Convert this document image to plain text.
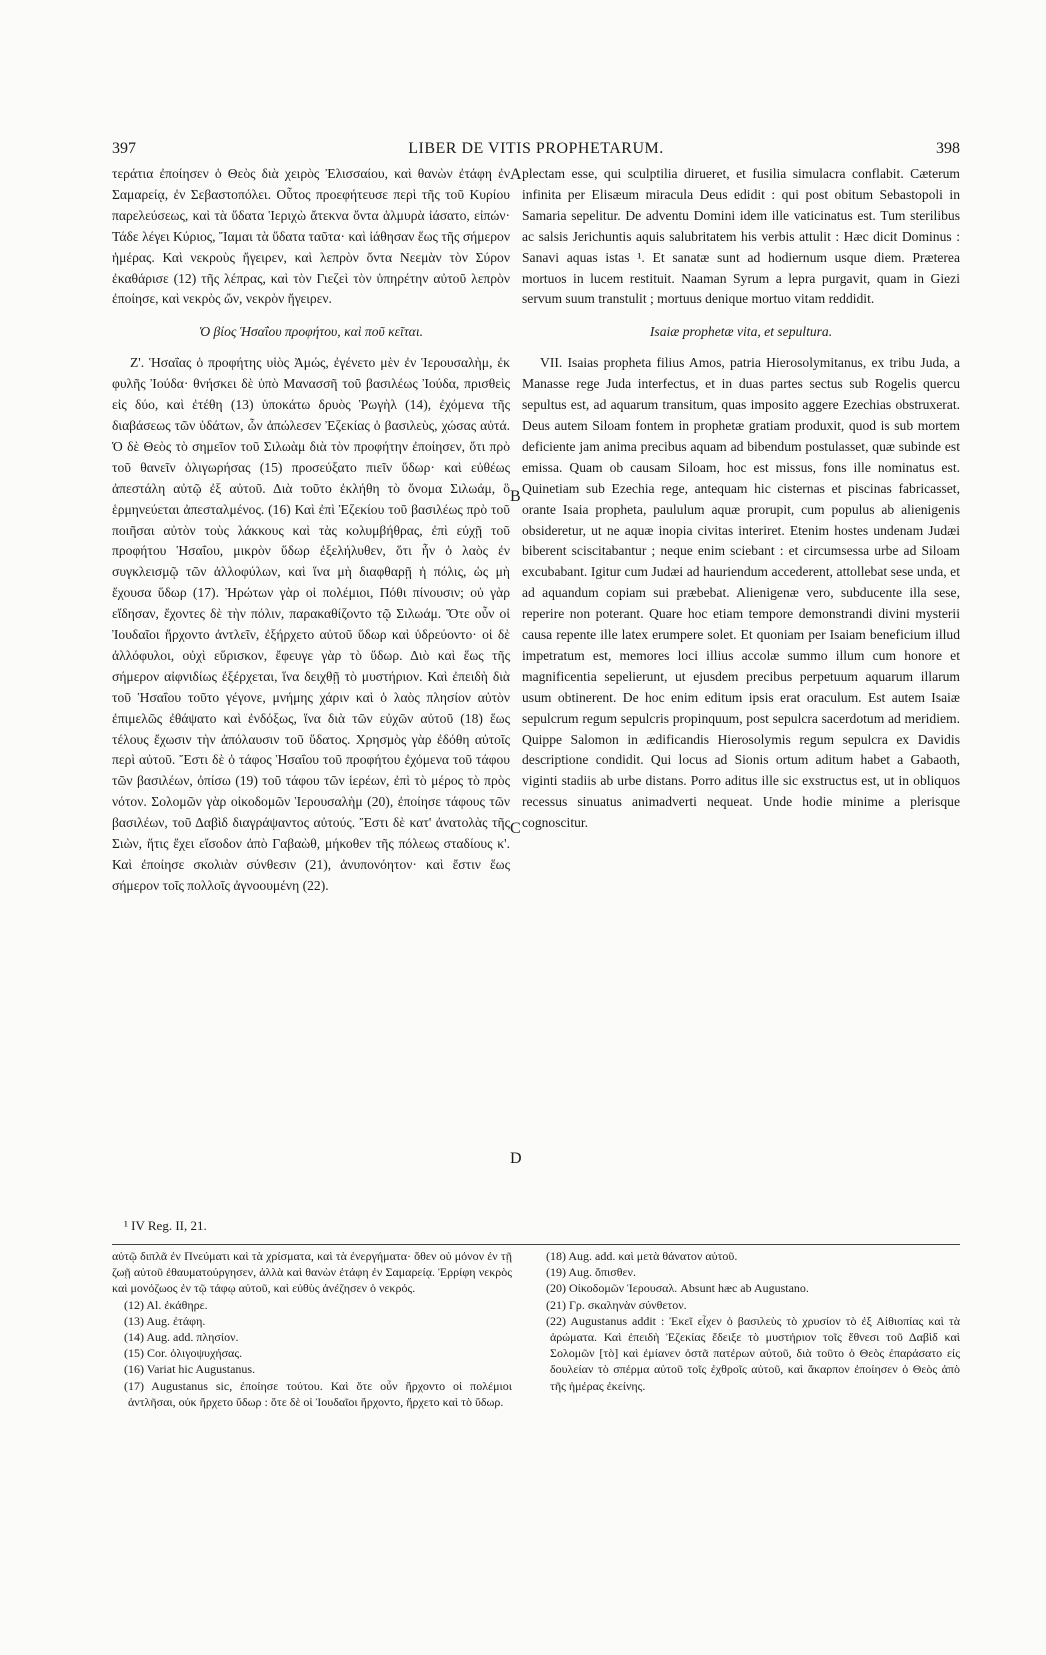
397	LIBER DE VITIS PROPHETARUM.	398

τεράτια ἐποίησεν ὁ Θεὸς διὰ χειρὸς Ἐλισσαίου, καὶ θανὼν ἐτάφη ἐν Σαμαρείᾳ, ἐν Σεβαστοπόλει. Οὗτος προεφήτευσε περὶ τῆς τοῦ Κυρίου παρελεύσεως, καὶ τὰ ὕδατα Ἱεριχὼ ἄτεκνα ὄντα ἁλμυρὰ ἰάσατο, εἰπών· Τάδε λέγει Κύριος, Ἴαμαι τὰ ὕδατα ταῦτα· καὶ ἰάθησαν ἕως τῆς σήμερον ἡμέρας. Καὶ νεκροὺς ἤγειρεν, καὶ λεπρὸν ὄντα Νεεμὰν τὸν Σύρον ἐκαθάρισε (12) τῆς λέπρας, καὶ τὸν Γιεζεὶ τὸν ὑπηρέτην αὐτοῦ λεπρὸν ἐποίησε, καὶ νεκρὸς ὤν, νεκρὸν ἤγειρεν.

Ὁ βίος Ἡσαΐου προφήτου, καὶ ποῦ κεῖται.

Ζ'. Ἡσαΐας ὁ προφήτης υἱὸς Ἀμώς, ἐγένετο μὲν ἐν Ἱερουσαλὴμ, ἐκ φυλῆς Ἰούδα· θνήσκει δὲ ὑπὸ Μανασσῆ τοῦ βασιλέως Ἰούδα, πρισθεὶς εἰς δύο, καὶ ἐτέθη (13) ὑποκάτω δρυὸς Ῥωγὴλ (14), ἐχόμενα τῆς διαβάσεως τῶν ὑδάτων, ὧν ἀπώλεσεν Ἐζεκίας ὁ βασιλεὺς, χώσας αὐτά. Ὁ δὲ Θεὸς τὸ σημεῖον τοῦ Σιλωὰμ διὰ τὸν προφήτην ἐποίησεν, ὅτι πρὸ τοῦ θανεῖν ὀλιγωρήσας (15) προσεύξατο πιεῖν ὕδωρ· καὶ εὐθέως ἀπεστάλη αὐτῷ ἐξ αὐτοῦ. Διὰ τοῦτο ἐκλήθη τὸ ὄνομα Σιλωάμ, ὃ ἑρμηνεύεται ἀπεσταλμένος. (16) Καὶ ἐπὶ Ἐζεκίου τοῦ βασιλέως πρὸ τοῦ ποιῆσαι αὐτὸν τοὺς λάκκους καὶ τὰς κολυμβήθρας, ἐπὶ εὐχῇ τοῦ προφήτου Ἡσαΐου, μικρὸν ὕδωρ ἐξελήλυθεν, ὅτι ἦν ὁ λαὸς ἐν συγκλεισμῷ τῶν ἀλλοφύλων, καὶ ἵνα μὴ διαφθαρῇ ἡ πόλις, ὡς μὴ ἔχουσα ὕδωρ (17). Ἠρώτων γὰρ οἱ πολέμιοι, Πόθι πίνουσιν; οὐ γὰρ εἴδησαν, ἔχοντες δὲ τὴν πόλιν, παρακαθίζοντο τῷ Σιλωάμ. Ὅτε οὖν οἱ Ἰουδαῖοι ἤρχοντο ἀντλεῖν, ἐξήρχετο αὐτοῦ ὕδωρ καὶ ὑδρεύοντο· οἱ δὲ ἀλλόφυλοι, οὐχὶ εὕρισκον, ἔφευγε γὰρ τὸ ὕδωρ. Διὸ καὶ ἕως τῆς σήμερον αἰφνιδίως ἐξέρχεται, ἵνα δειχθῇ τὸ μυστήριον. Καὶ ἐπειδὴ διὰ τοῦ Ἡσαΐου τοῦτο γέγονε, μνήμης χάριν καὶ ὁ λαὸς πλησίον αὐτὸν ἐπιμελῶς ἐθάψατο καὶ ἐνδόξως, ἵνα διὰ τῶν εὐχῶν αὐτοῦ (18) ἕως τέλους ἔχωσιν τὴν ἀπόλαυσιν τοῦ ὕδατος. Χρησμὸς γὰρ ἐδόθη αὐτοῖς περὶ αὐτοῦ. Ἔστι δὲ ὁ τάφος Ἡσαΐου τοῦ προφήτου ἐχόμενα τοῦ τάφου τῶν βασιλέων, ὀπίσω (19) τοῦ τάφου τῶν ἱερέων, ἐπὶ τὸ μέρος τὸ πρὸς νότον. Σολομῶν γὰρ οἰκοδομῶν Ἱερουσαλὴμ (20), ἐποίησε τάφους τῶν βασιλέων, τοῦ Δαβὶδ διαγράψαντος αὐτούς. Ἔστι δὲ κατ' ἀνατολὰς τῆς Σιὼν, ἥτις ἔχει εἴσοδον ἀπὸ Γαβαὼθ, μήκοθεν τῆς πόλεως σταδίους κ'. Καὶ ἐποίησε σκολιὰν σύνθεσιν (21), ἀνυπονόητον· καὶ ἔστιν ἕως σήμερον τοῖς πολλοῖς ἀγνοουμένη (22).

A
B
C
D

plectam esse, qui sculptilia dirueret, et fusilia simulacra conflabit. Cæterum infinita per Elisæum miracula Deus edidit : qui post obitum Sebastopoli in Samaria sepelitur. De adventu Domini idem ille vaticinatus est. Tum sterilibus ac salsis Jerichuntis aquis salubritatem his verbis attulit : Hæc dicit Dominus : Sanavi aquas istas ¹. Et sanatæ sunt ad hodiernum usque diem. Præterea mortuos in lucem restituit. Naaman Syrum a lepra purgavit, quam in Giezi servum suum transtulit ; mortuus denique mortuo vitam reddidit.

Isaiæ prophetæ vita, et sepultura.

VII. Isaias propheta filius Amos, patria Hierosolymitanus, ex tribu Juda, a Manasse rege Juda interfectus, et in duas partes sectus sub Rogelis quercu sepultus est, ad aquarum transitum, quas imposito aggere Ezechias obstruxerat. Deus autem Siloam fontem in prophetæ gratiam produxit, quod is sub mortem deficiente jam anima precibus aquam ad bibendum postulasset, quæ subinde est emissa. Quam ob causam Siloam, hoc est missus, fons ille nominatus est. Quinetiam sub Ezechia rege, antequam hic cisternas et piscinas fabricasset, orante Isaia propheta, paululum aquæ prorupit, cum populus ab alienigenis obsideretur, ut ne aquæ inopia civitas interiret. Etenim hostes undenam Judæi biberent sciscitabantur ; neque enim sciebant : et circumsessa urbe ad Siloam excubabant. Igitur cum Judæi ad hauriendum accederent, attollebat sese unda, et ad aquandum copiam sui præbebat. Alienigenæ vero, subducente illa sese, reperire non poterant. Quare hoc etiam tempore demonstrandi divini mysterii causa repente ille latex erumpere solet. Et quoniam per Isaiam beneficium illud impetratum est, memores loci illius accolæ summo illum cum honore et magnificentia sepelierunt, ut ejusdem precibus perpetuum aquarum illarum usum obtinerent. De hoc enim editum ipsis erat oraculum. Est autem Isaiæ sepulcrum regum sepulcris propinquum, post sepulcra sacerdotum ad meridiem. Quippe Salomon in ædificandis Hierosolymis regum sepulcra ex Davidis descriptione condidit. Qui locus ad Sionis ortum aditum habet a Gabaoth, viginti stadiis ab urbe distans. Porro aditus ille sic exstructus est, ut in obliquos recessus sinuatus animadverti nequeat. Unde hodie minime a plerisque cognoscitur.

¹ IV Reg. II, 21.

αὐτῷ διπλᾶ ἐν Πνεύματι καὶ τὰ χρίσματα, καὶ τὰ ἐνεργήματα· ὅθεν οὐ μόνον ἐν τῇ ζωῇ αὐτοῦ ἐθαυματούργησεν, ἀλλὰ καὶ θανὼν ἐτάφη ἐν Σαμαρείᾳ. Ἐρρίφη νεκρὸς καὶ μονόζωος ἐν τῷ τάφῳ αὐτοῦ, καὶ εὐθὺς ἀνέζησεν ὁ νεκρός.

(12) Al. ἐκάθηρε.

(13) Aug. ἐτάφη.

(14) Aug. add. πλησίον.

(15) Cor. ὀλιγοψυχήσας.

(16) Variat hic Augustanus.

(17) Augustanus sic, ἐποίησε τούτου. Καὶ ὅτε οὖν ἤρχοντο οἱ πολέμιοι ἀντλῆσαι, οὐκ ἤρχετο ὕδωρ : ὅτε δὲ οἱ Ἰουδαῖοι ἤρχοντο, ἤρχετο καὶ τὸ ὕδωρ.

(18) Aug. add. καὶ μετὰ θάνατον αὐτοῦ.

(19) Aug. ὄπισθεν.

(20) Οἰκοδομῶν Ἱερουσαλ. Absunt hæc ab Augustano.

(21) Γρ. σκαληνὰν σύνθετον.

(22) Augustanus addit : Ἐκεῖ εἶχεν ὁ βασιλεὺς τὸ χρυσίον τὸ ἐξ Αἰθιοπίας καὶ τὰ ἀρώματα. Καὶ ἐπειδὴ Ἐζεκίας ἔδειξε τὸ μυστήριον τοῖς ἔθνεσι τοῦ Δαβὶδ καὶ Σολομῶν [τὸ] καὶ ἐμίανεν ὀστᾶ πατέρων αὐτοῦ, διὰ τοῦτο ὁ Θεὸς ἐπαράσατο εἰς δουλείαν τὸ σπέρμα αὐτοῦ τοῖς ἐχθροῖς αὐτοῦ, καὶ ἄκαρπον ἐποίησεν ὁ Θεὸς ἀπὸ τῆς ἡμέρας ἐκείνης.
